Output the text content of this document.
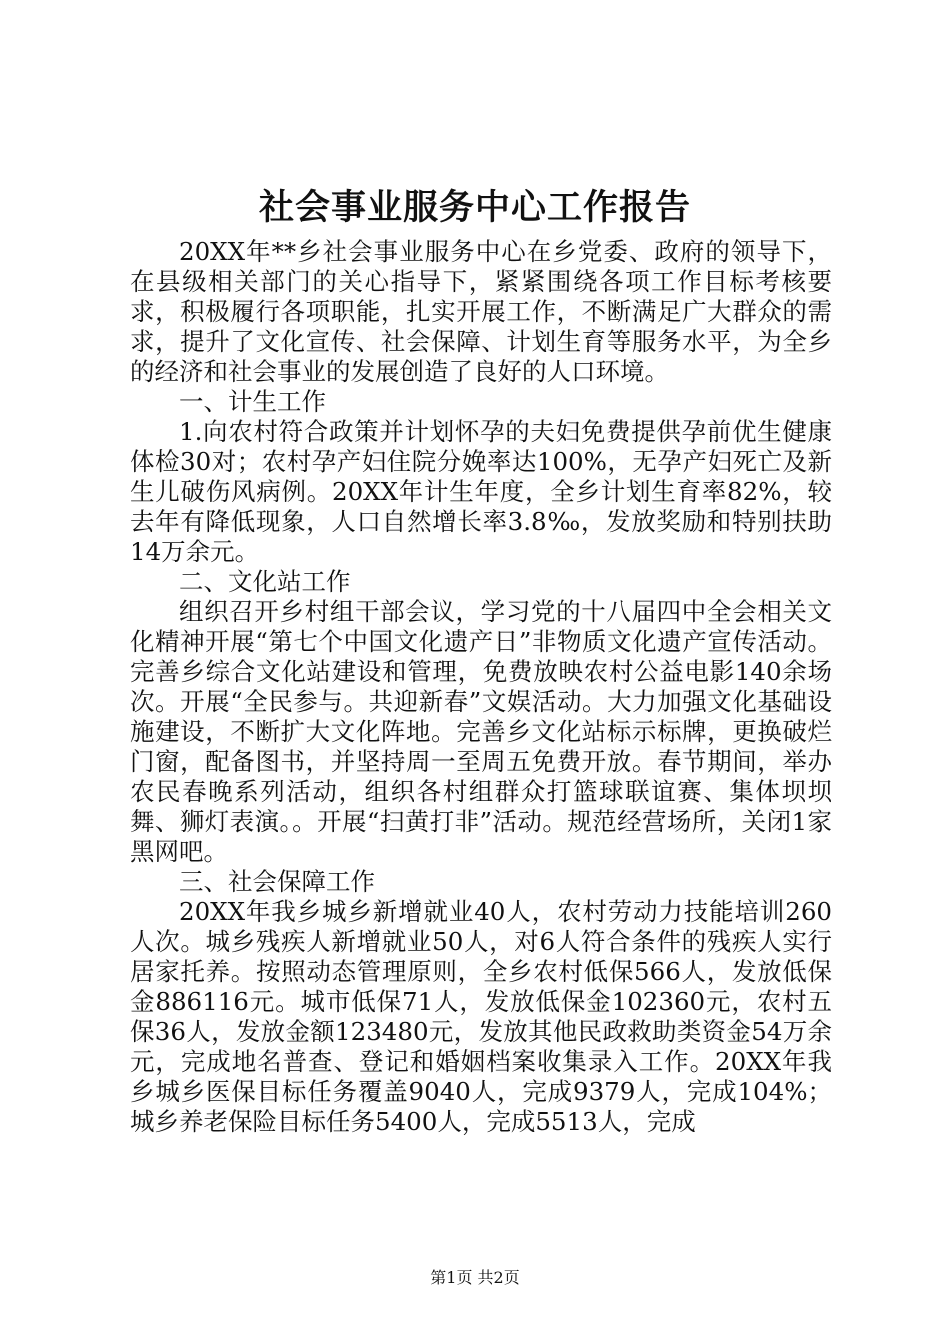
社会事业服务中心工作报告

20XX年**乡社会事业服务中心在乡党委、政府的领导下，在县级相关部门的关心指导下，紧紧围绕各项工作目标考核要求，积极履行各项职能，扎实开展工作，不断满足广大群众的需求，提升了文化宣传、社会保障、计划生育等服务水平，为全乡的经济和社会事业的发展创造了良好的人口环境。

一、计生工作

1.向农村符合政策并计划怀孕的夫妇免费提供孕前优生健康体检30对；农村孕产妇住院分娩率达100%，无孕产妇死亡及新生儿破伤风病例。20XX年计生年度，全乡计划生育率82%，较去年有降低现象，人口自然增长率3.8‰，发放奖励和特别扶助14万余元。

二、文化站工作

组织召开乡村组干部会议，学习党的十八届四中全会相关文化精神开展“第七个中国文化遗产日”非物质文化遗产宣传活动。完善乡综合文化站建设和管理，免费放映农村公益电影140余场次。开展“全民参与。共迎新春”文娱活动。大力加强文化基础设施建设，不断扩大文化阵地。完善乡文化站标示标牌，更换破烂门窗，配备图书，并坚持周一至周五免费开放。春节期间，举办农民春晚系列活动，组织各村组群众打篮球联谊赛、集体坝坝舞、狮灯表演。。开展“扫黄打非”活动。规范经营场所，关闭1家黑网吧。

三、社会保障工作

20XX年我乡城乡新增就业40人，农村劳动力技能培训260人次。城乡残疾人新增就业50人，对6人符合条件的残疾人实行居家托养。按照动态管理原则，全乡农村低保566人，发放低保金886116元。城市低保71人，发放低保金102360元，农村五保36人，发放金额123480元，发放其他民政救助类资金54万余元，完成地名普查、登记和婚姻档案收集录入工作。20XX年我乡城乡医保目标任务覆盖9040人，完成9379人，完成104%；城乡养老保险目标任务5400人，完成5513人，完成

第1页 共2页
